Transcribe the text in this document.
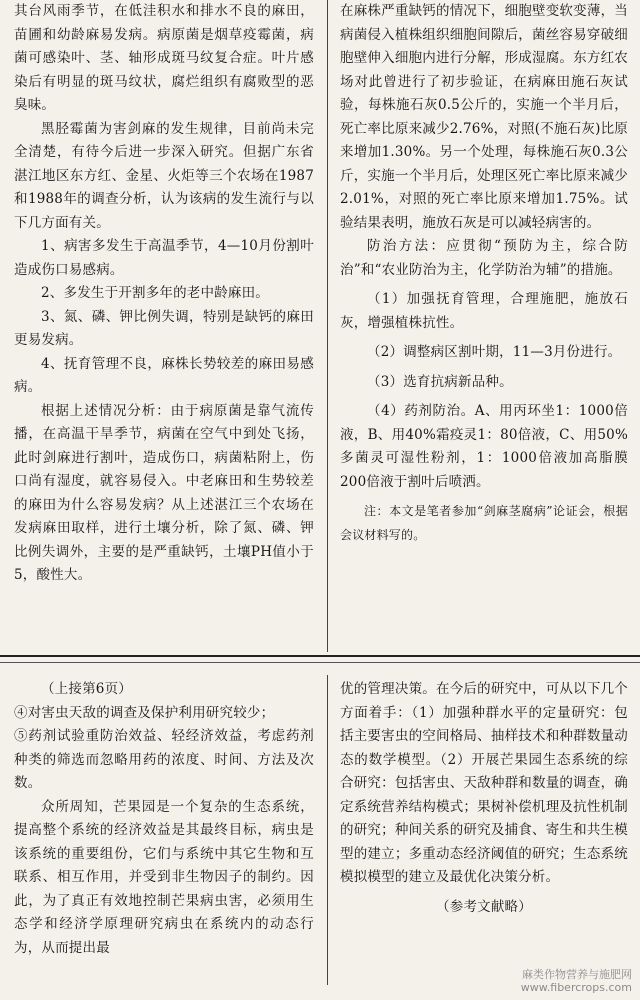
其台风雨季节，在低洼积水和排水不良的麻田，苗圃和幼龄麻易发病。病原菌是烟草疫霉菌，病菌可感染叶、茎、轴形成斑马纹复合症。叶片感染后有明显的斑马纹状，腐烂组织有腐败型的恶臭味。

黑胫霉菌为害剑麻的发生规律，目前尚未完全清楚，有待今后进一步深入研究。但据广东省湛江地区东方红、金星、火炬等三个农场在1987和1988年的调查分析，认为该病的发生流行与以下几方面有关。

1、病害多发生于高温季节，4—10月份割叶造成伤口易感病。

2、多发生于开割多年的老中龄麻田。

3、氮、磷、钾比例失调，特别是缺钙的麻田更易发病。

4、抚育管理不良，麻株长势较差的麻田易感病。

根据上述情况分析：由于病原菌是靠气流传播，在高温干旱季节，病菌在空气中到处飞扬，此时剑麻进行割叶，造成伤口，病菌粘附上，伤口尚有湿度，就容易侵入。中老麻田和生势较差的麻田为什么容易发病？从上述湛江三个农场在发病麻田取样，进行土壤分析，除了氮、磷、钾比例失调外，主要的是严重缺钙，土壤PH值小于5，酸性大。

在麻株严重缺钙的情况下，细胞壁变软变薄，当病菌侵入植株组织细胞间隙后，菌丝容易穿破细胞壁伸入细胞内进行分解，形成湿腐。东方红农场对此曾进行了初步验证，在病麻田施石灰试验，每株施石灰0.5公斤的，实施一个半月后，死亡率比原来减少2.76%，对照(不施石灰)比原来增加1.30%。另一个处理，每株施石灰0.3公斤，实施一个半月后，处理区死亡率比原来减少2.01%，对照的死亡率比原来增加1.75%。试验结果表明，施放石灰是可以减轻病害的。

防治方法：应贯彻“预防为主，综合防治”和“农业防治为主，化学防治为辅”的措施。

（1）加强抚育管理，合理施肥，施放石灰，增强植株抗性。

（2）调整病区割叶期，11—3月份进行。

（3）选育抗病新品种。

（4）药剂防治。A、用丙环坐1：1000倍液，B、用40%霜疫灵1：80倍液，C、用50%多菌灵可湿性粉剂，1：1000倍液加高脂膜200倍液于割叶后喷洒。

注：本文是笔者参加“剑麻茎腐病”论证会，根据会议材料写的。

（上接第6页）

④对害虫天敌的调查及保护利用研究较少；

⑤药剂试验重防治效益、轻经济效益，考虑药剂种类的筛选而忽略用药的浓度、时间、方法及次数。

众所周知，芒果园是一个复杂的生态系统，提高整个系统的经济效益是其最终目标，病虫是该系统的重要组份，它们与系统中其它生物和互联系、相互作用，并受到非生物因子的制约。因此，为了真正有效地控制芒果病虫害，必须用生态学和经济学原理研究病虫在系统内的动态行为，从而提出最

优的管理决策。在今后的研究中，可从以下几个方面着手：（1）加强种群水平的定量研究：包括主要害虫的空间格局、抽样技术和种群数量动态的数学模型。（2）开展芒果园生态系统的综合研究：包括害虫、天敌种群和数量的调查，确定系统营养结构模式；果树补偿机理及抗性机制的研究；种间关系的研究及捕食、寄生和共生模型的建立；多重动态经济阈值的研究；生态系统模拟模型的建立及最优化决策分析。

（参考文献略）

麻类作物营养与施肥网
www.fibercrops.com
